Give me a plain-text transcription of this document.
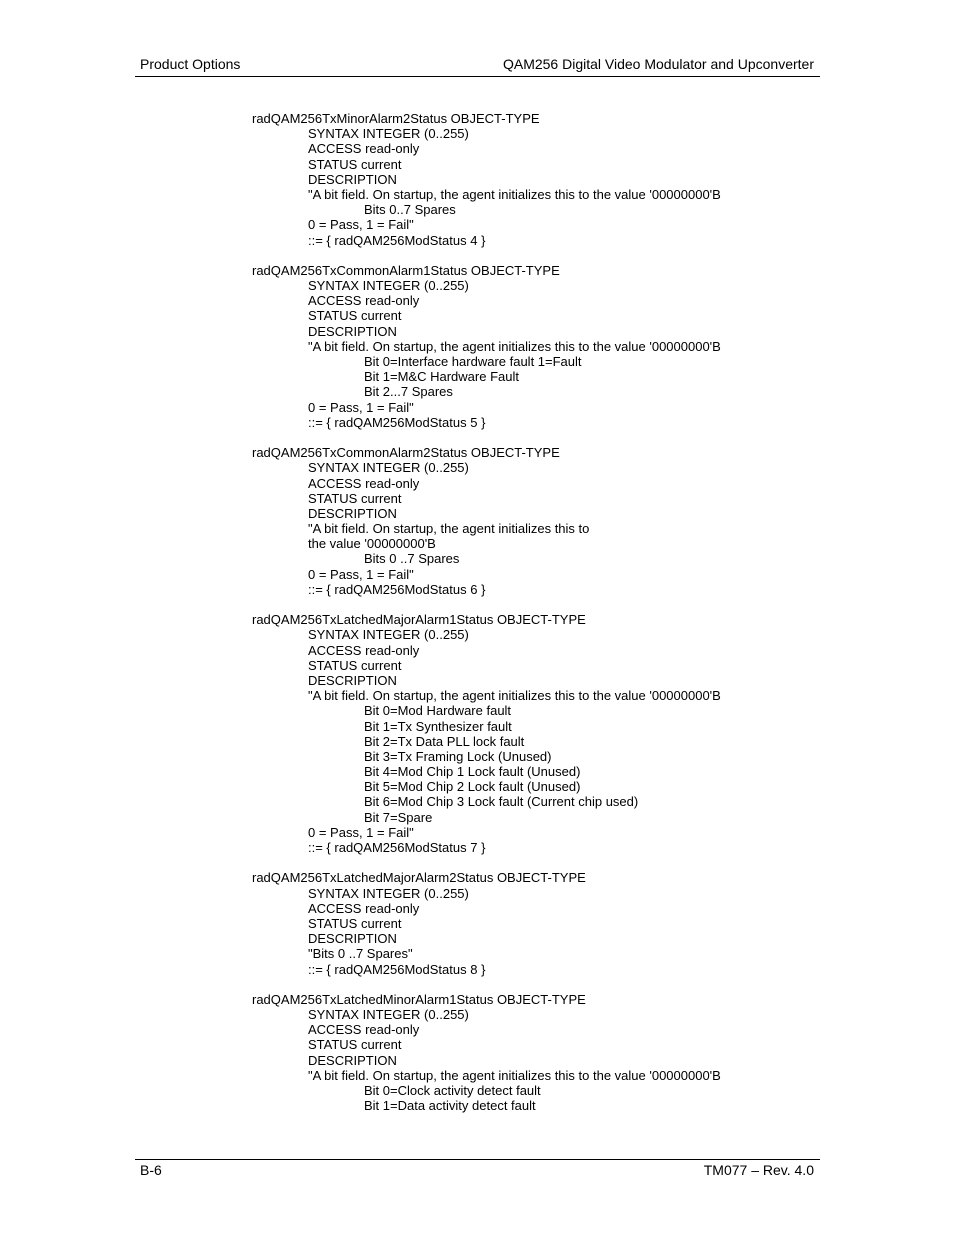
Product Options	QAM256 Digital Video Modulator and Upconverter
radQAM256TxMinorAlarm2Status OBJECT-TYPE
SYNTAX INTEGER (0..255)
ACCESS read-only
STATUS current
DESCRIPTION
"A bit field. On startup, the agent initializes this to the value '00000000'B
Bits 0..7 Spares
0 = Pass, 1 = Fail"
::= { radQAM256ModStatus 4 }
radQAM256TxCommonAlarm1Status OBJECT-TYPE
SYNTAX INTEGER (0..255)
ACCESS read-only
STATUS current
DESCRIPTION
"A bit field. On startup, the agent initializes this to the value '00000000'B
Bit 0=Interface hardware fault 1=Fault
Bit 1=M&C Hardware Fault
Bit 2...7 Spares
0 = Pass, 1 = Fail"
::= { radQAM256ModStatus 5 }
radQAM256TxCommonAlarm2Status OBJECT-TYPE
SYNTAX INTEGER (0..255)
ACCESS read-only
STATUS current
DESCRIPTION
"A bit field. On startup, the agent initializes this to
the value '00000000'B
Bits 0 ..7 Spares
0 = Pass, 1 = Fail"
::= { radQAM256ModStatus 6 }
radQAM256TxLatchedMajorAlarm1Status OBJECT-TYPE
SYNTAX INTEGER (0..255)
ACCESS read-only
STATUS current
DESCRIPTION
"A bit field. On startup, the agent initializes this to the value '00000000'B
Bit 0=Mod Hardware fault
Bit 1=Tx Synthesizer fault
Bit 2=Tx Data PLL lock fault
Bit 3=Tx Framing Lock (Unused)
Bit 4=Mod Chip 1 Lock fault (Unused)
Bit 5=Mod Chip 2 Lock fault (Unused)
Bit 6=Mod Chip 3 Lock fault (Current chip used)
Bit 7=Spare
0 = Pass, 1 = Fail"
::= { radQAM256ModStatus 7 }
radQAM256TxLatchedMajorAlarm2Status OBJECT-TYPE
SYNTAX INTEGER (0..255)
ACCESS read-only
STATUS current
DESCRIPTION
"Bits 0 ..7 Spares"
::= { radQAM256ModStatus 8 }
radQAM256TxLatchedMinorAlarm1Status OBJECT-TYPE
SYNTAX INTEGER (0..255)
ACCESS read-only
STATUS current
DESCRIPTION
"A bit field. On startup, the agent initializes this to the value '00000000'B
Bit 0=Clock activity detect fault
Bit 1=Data activity detect fault
B-6	TM077 – Rev. 4.0
